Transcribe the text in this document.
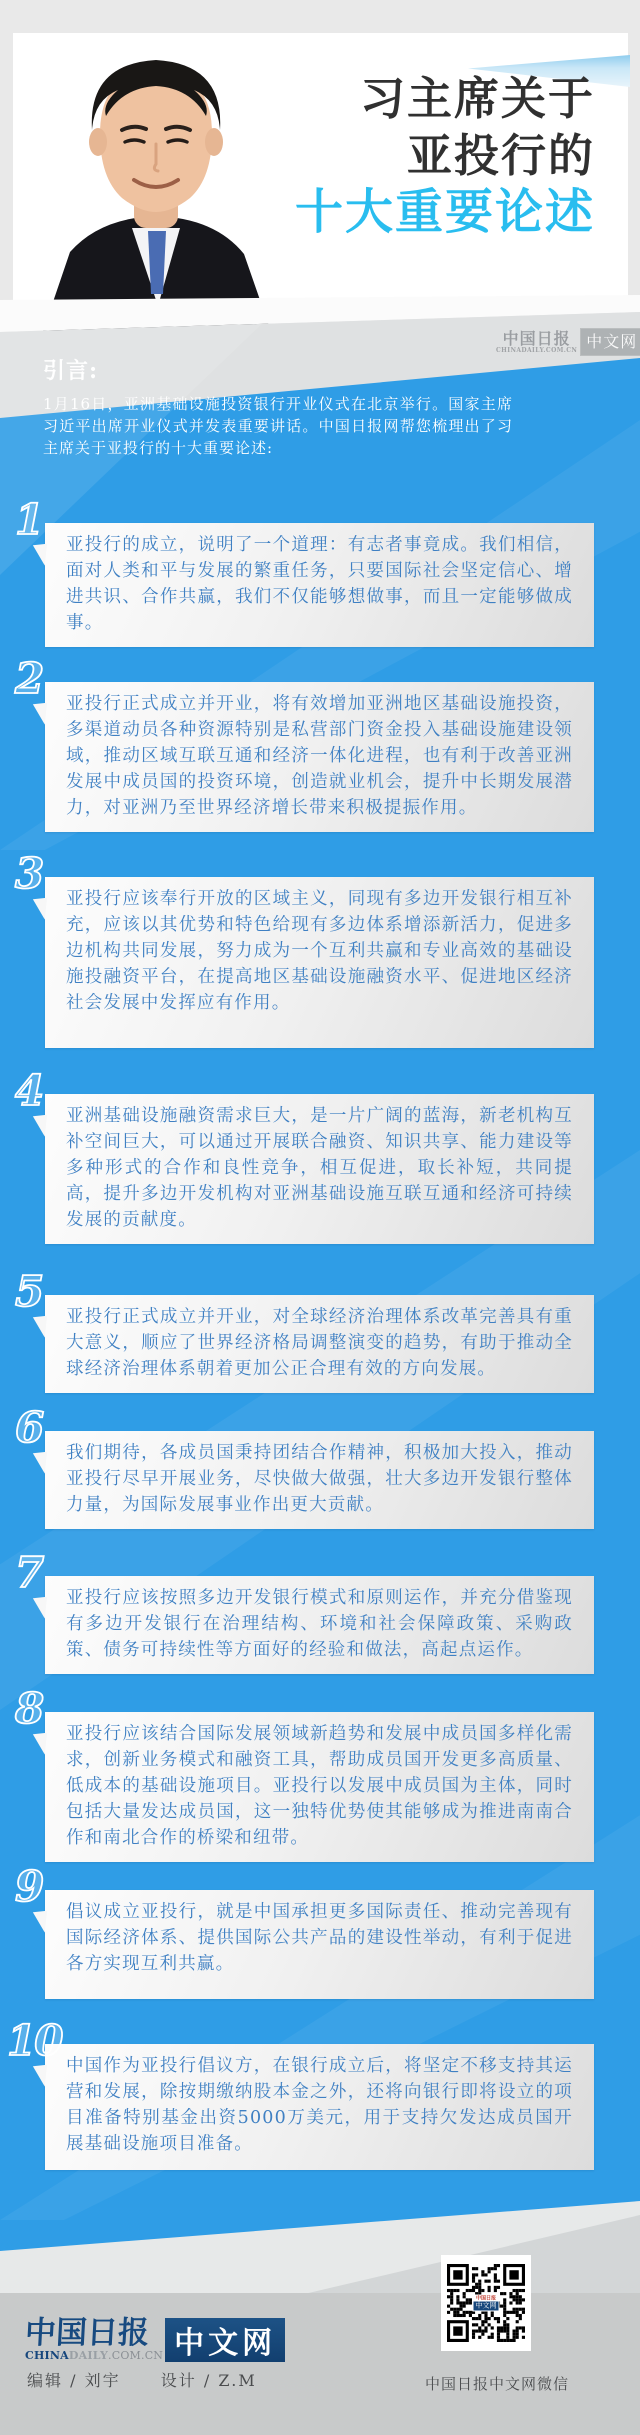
习主席关于
亚投行的
十大重要论述
中国日报
CHINADAILY.COM.CN 中文网
引言:

1月16日，亚洲基础设施投资银行开业仪式在北京举行。国家主席习近平出席开业仪式并发表重要讲话。中国日报网帮您梳理出了习主席关于亚投行的十大重要论述:

1

亚投行的成立，说明了一个道理：有志者事竟成。我们相信，面对人类和平与发展的繁重任务，只要国际社会坚定信心、增进共识、合作共赢，我们不仅能够想做事，而且一定能够做成事。

2

亚投行正式成立并开业，将有效增加亚洲地区基础设施投资，多渠道动员各种资源特别是私营部门资金投入基础设施建设领域，推动区域互联互通和经济一体化进程，也有利于改善亚洲发展中成员国的投资环境，创造就业机会，提升中长期发展潜力，对亚洲乃至世界经济增长带来积极提振作用。

3

亚投行应该奉行开放的区域主义，同现有多边开发银行相互补充，应该以其优势和特色给现有多边体系增添新活力，促进多边机构共同发展，努力成为一个互利共赢和专业高效的基础设施投融资平台，在提高地区基础设施融资水平、促进地区经济社会发展中发挥应有作用。

4

亚洲基础设施融资需求巨大，是一片广阔的蓝海，新老机构互补空间巨大，可以通过开展联合融资、知识共享、能力建设等多种形式的合作和良性竞争，相互促进，取长补短，共同提高，提升多边开发机构对亚洲基础设施互联互通和经济可持续发展的贡献度。

5

亚投行正式成立并开业，对全球经济治理体系改革完善具有重大意义，顺应了世界经济格局调整演变的趋势，有助于推动全球经济治理体系朝着更加公正合理有效的方向发展。

6

我们期待，各成员国秉持团结合作精神，积极加大投入，推动亚投行尽早开展业务，尽快做大做强，壮大多边开发银行整体力量，为国际发展事业作出更大贡献。

7

亚投行应该按照多边开发银行模式和原则运作，并充分借鉴现有多边开发银行在治理结构、环境和社会保障政策、采购政策、债务可持续性等方面好的经验和做法，高起点运作。

8

亚投行应该结合国际发展领域新趋势和发展中成员国多样化需求，创新业务模式和融资工具，帮助成员国开发更多高质量、低成本的基础设施项目。亚投行以发展中成员国为主体，同时包括大量发达成员国，这一独特优势使其能够成为推进南南合作和南北合作的桥梁和纽带。

9

倡议成立亚投行，就是中国承担更多国际责任、推动完善现有国际经济体系、提供国际公共产品的建设性举动，有利于促进各方实现互利共赢。

10

中国作为亚投行倡议方，在银行成立后，将坚定不移支持其运营和发展，除按期缴纳股本金之外，还将向银行即将设立的项目准备特别基金出资5000万美元，用于支持欠发达成员国开展基础设施项目准备。

中国日报
CHINADAILY.COM.CN 中文网
编辑 / 刘宇	设计 / Z.M
中国日报
中文网
中国日报中文网微信
